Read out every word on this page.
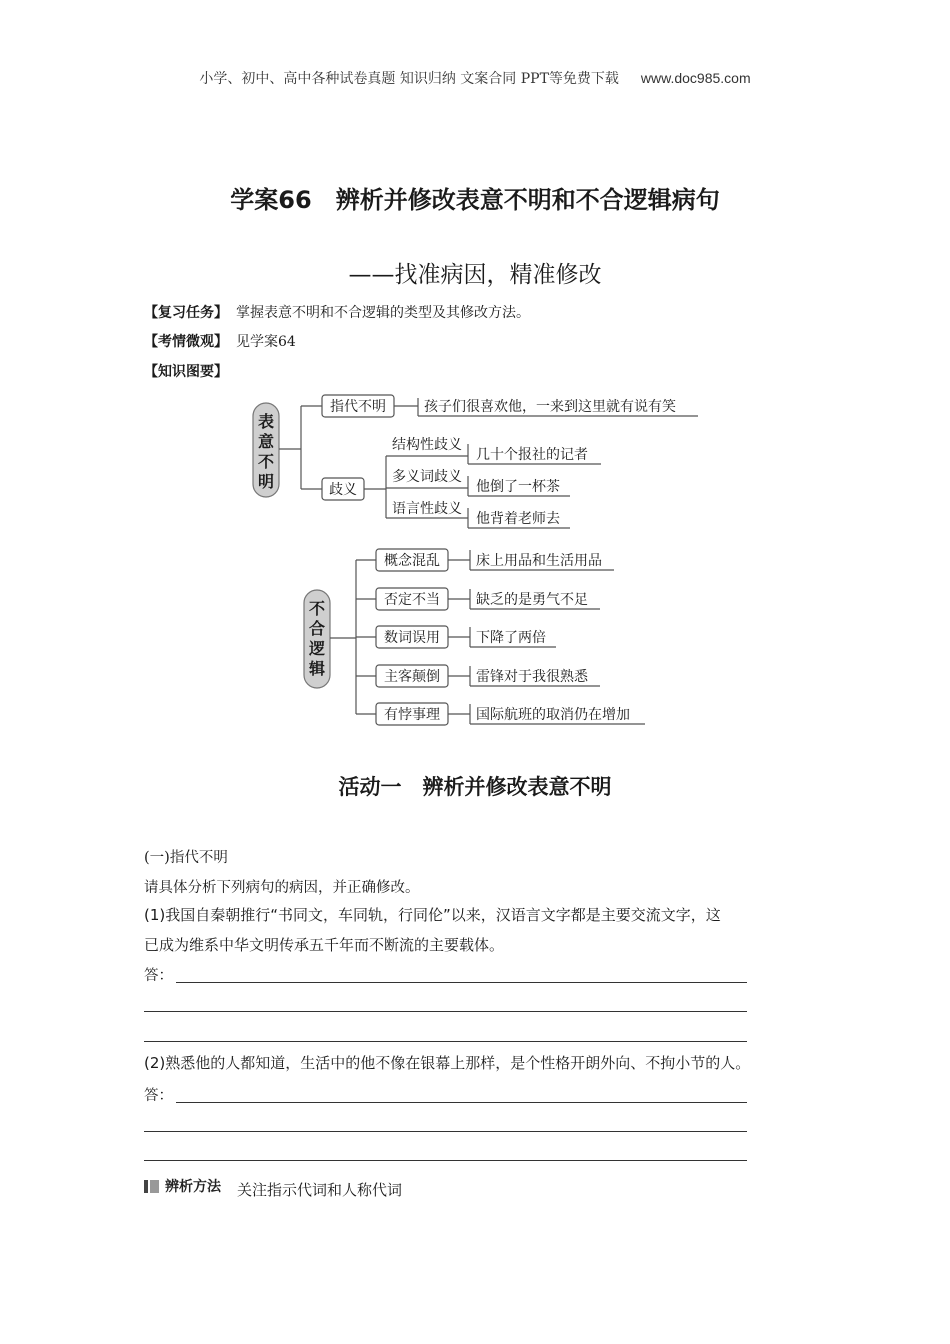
小学、初中、高中各种试卷真题 知识归纳 文案合同 PPT等免费下载 www.doc985.com
学案66　辨析并修改表意不明和不合逻辑病句
——找准病因，精准修改
【复习任务】 掌握表意不明和不合逻辑的类型及其修改方法。
【考情微观】 见学案64
【知识图要】
表
意
不
明
指代不明	孩子们很喜欢他，一来到这里就有说有笑
歧义
结构性歧义
几十个报社的记者
多义词歧义
他倒了一杯茶
语言性歧义
他背着老师去
不
合
逻
辑
概念混乱	床上用品和生活用品
否定不当	缺乏的是勇气不足
数词误用	下降了两倍
主客颠倒	雷锋对于我很熟悉
有悖事理	国际航班的取消仍在增加
活动一　辨析并修改表意不明
(一)指代不明
请具体分析下列病句的病因，并正确修改。
(1)我国自秦朝推行“书同文，车同轨，行同伦”以来，汉语言文字都是主要交流文字，这
已成为维系中华文明传承五千年而不断流的主要载体。
答：
(2)熟悉他的人都知道，生活中的他不像在银幕上那样，是个性格开朗外向、不拘小节的人。
答：
辨析方法 关注指示代词和人称代词
